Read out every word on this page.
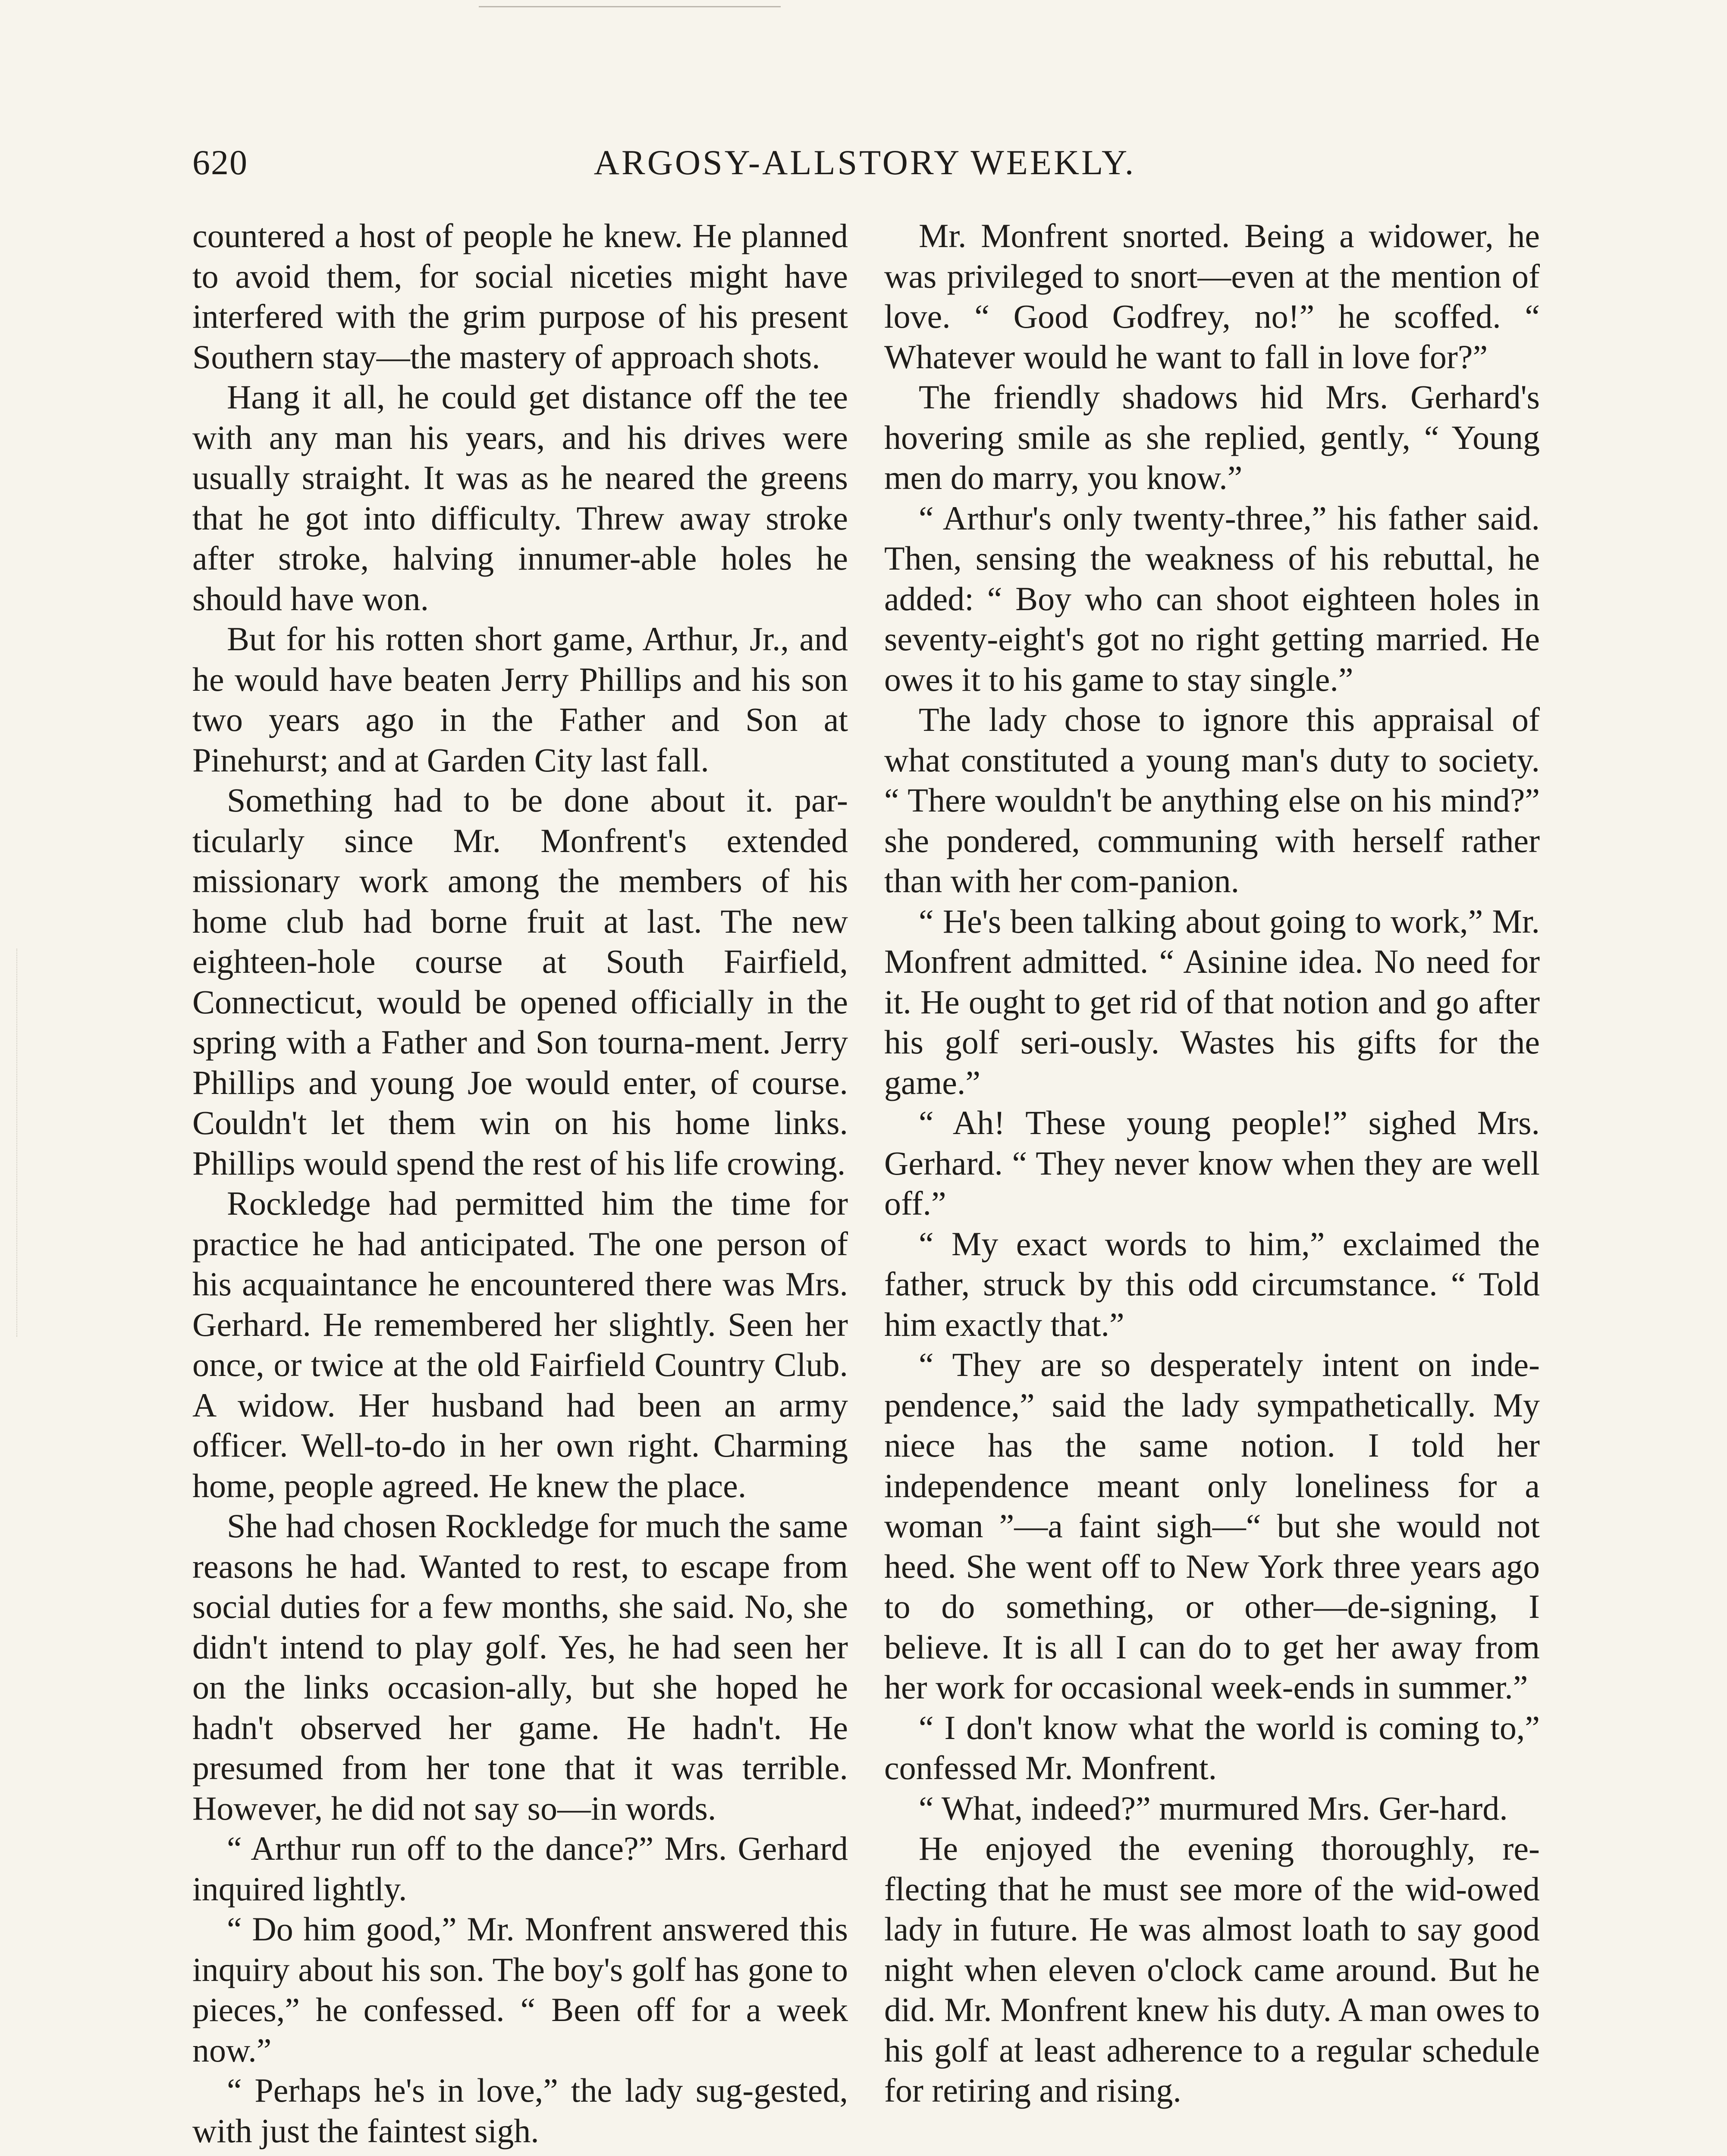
620	ARGOSY-ALLSTORY WEEKLY.

countered a host of people he knew. He planned to avoid them, for social niceties might have interfered with the grim purpose of his present Southern stay—the mastery of approach shots.

Hang it all, he could get distance off the tee with any man his years, and his drives were usually straight. It was as he neared the greens that he got into difficulty. Threw away stroke after stroke, halving innumer-able holes he should have won.

But for his rotten short game, Arthur, Jr., and he would have beaten Jerry Phillips and his son two years ago in the Father and Son at Pinehurst; and at Garden City last fall.

Something had to be done about it. par-ticularly since Mr. Monfrent's extended missionary work among the members of his home club had borne fruit at last. The new eighteen-hole course at South Fairfield, Connecticut, would be opened officially in the spring with a Father and Son tourna-ment. Jerry Phillips and young Joe would enter, of course. Couldn't let them win on his home links. Phillips would spend the rest of his life crowing.

Rockledge had permitted him the time for practice he had anticipated. The one person of his acquaintance he encountered there was Mrs. Gerhard. He remembered her slightly. Seen her once, or twice at the old Fairfield Country Club. A widow. Her husband had been an army officer. Well-to-do in her own right. Charming home, people agreed. He knew the place.

She had chosen Rockledge for much the same reasons he had. Wanted to rest, to escape from social duties for a few months, she said. No, she didn't intend to play golf. Yes, he had seen her on the links occasion-ally, but she hoped he hadn't observed her game. He hadn't. He presumed from her tone that it was terrible. However, he did not say so—in words.

“ Arthur run off to the dance?” Mrs. Gerhard inquired lightly.

“ Do him good,” Mr. Monfrent answered this inquiry about his son. The boy's golf has gone to pieces,” he confessed. “ Been off for a week now.”

“ Perhaps he's in love,” the lady sug-gested, with just the faintest sigh.

Mr. Monfrent snorted. Being a widower, he was privileged to snort—even at the mention of love. “ Good Godfrey, no!” he scoffed. “ Whatever would he want to fall in love for?”

The friendly shadows hid Mrs. Gerhard's hovering smile as she replied, gently, “ Young men do marry, you know.”

“ Arthur's only twenty-three,” his father said. Then, sensing the weakness of his rebuttal, he added: “ Boy who can shoot eighteen holes in seventy-eight's got no right getting married. He owes it to his game to stay single.”

The lady chose to ignore this appraisal of what constituted a young man's duty to society. “ There wouldn't be anything else on his mind?” she pondered, communing with herself rather than with her com-panion.

“ He's been talking about going to work,” Mr. Monfrent admitted. “ Asinine idea. No need for it. He ought to get rid of that notion and go after his golf seri-ously. Wastes his gifts for the game.”

“ Ah! These young people!” sighed Mrs. Gerhard. “ They never know when they are well off.”

“ My exact words to him,” exclaimed the father, struck by this odd circumstance. “ Told him exactly that.”

“ They are so desperately intent on inde-pendence,” said the lady sympathetically. My niece has the same notion. I told her independence meant only loneliness for a woman ”—a faint sigh—“ but she would not heed. She went off to New York three years ago to do something, or other—de-signing, I believe. It is all I can do to get her away from her work for occasional week-ends in summer.”

“ I don't know what the world is coming to,” confessed Mr. Monfrent.

“ What, indeed?” murmured Mrs. Ger-hard.

He enjoyed the evening thoroughly, re-flecting that he must see more of the wid-owed lady in future. He was almost loath to say good night when eleven o'clock came around. But he did. Mr. Monfrent knew his duty. A man owes to his golf at least adherence to a regular schedule for retiring and rising.
